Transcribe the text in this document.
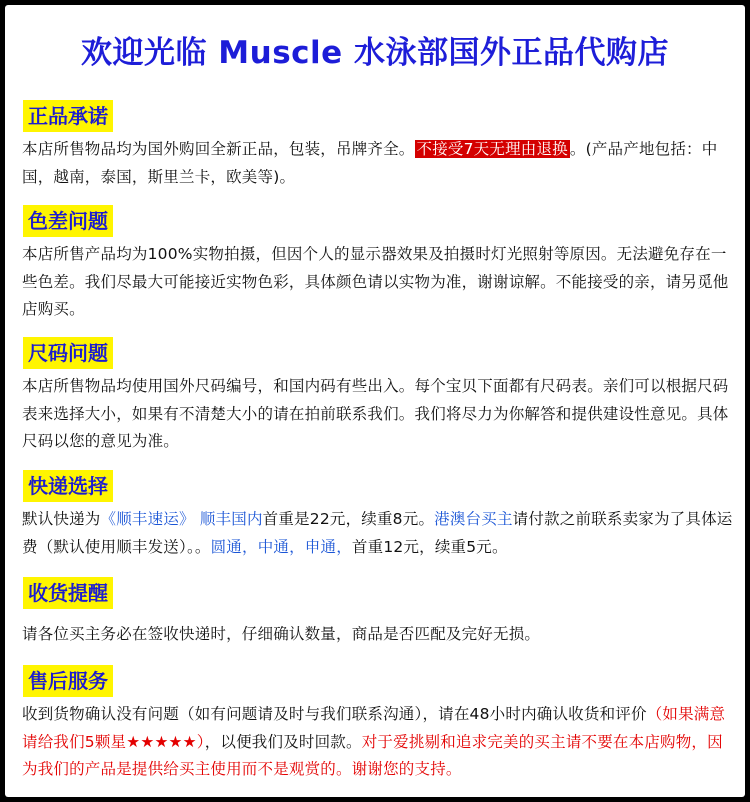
欢迎光临 Muscle 水泳部国外正品代购店
正品承诺
本店所售物品均为国外购回全新正品，包装，吊牌齐全。 不接受7天无理由退换 。(产品产地包括：中国，越南，泰国，斯里兰卡，欧美等)。
色差问题
本店所售产品均为100%实物拍摄，但因个人的显示器效果及拍摄时灯光照射等原因。无法避免存在一些色差。我们尽最大可能接近实物色彩，具体颜色请以实物为准，谢谢谅解。不能接受的亲，请另觅他店购买。
尺码问题
本店所售物品均使用国外尺码编号，和国内码有些出入。每个宝贝下面都有尺码表。亲们可以根据尺码表来选择大小，如果有不清楚大小的请在拍前联系我们。我们将尽力为你解答和提供建设性意见。具体尺码以您的意见为准。
快递选择
默认快递为《顺丰速运》 顺丰国内首重是22元，续重8元。港澳台买主请付款之前联系卖家为了具体运费（默认使用顺丰发送）。。圆通，中通，申通，首重12元，续重5元。
收货提醒
请各位买主务必在签收快递时，仔细确认数量，商品是否匹配及完好无损。
售后服务
收到货物确认没有问题（如有问题请及时与我们联系沟通），请在48小时内确认收货和评价（如果满意请给我们5颗星★★★★★），以便我们及时回款。对于爱挑剔和追求完美的买主请不要在本店购物，因为我们的产品是提供给买主使用而不是观赏的。谢谢您的支持。
